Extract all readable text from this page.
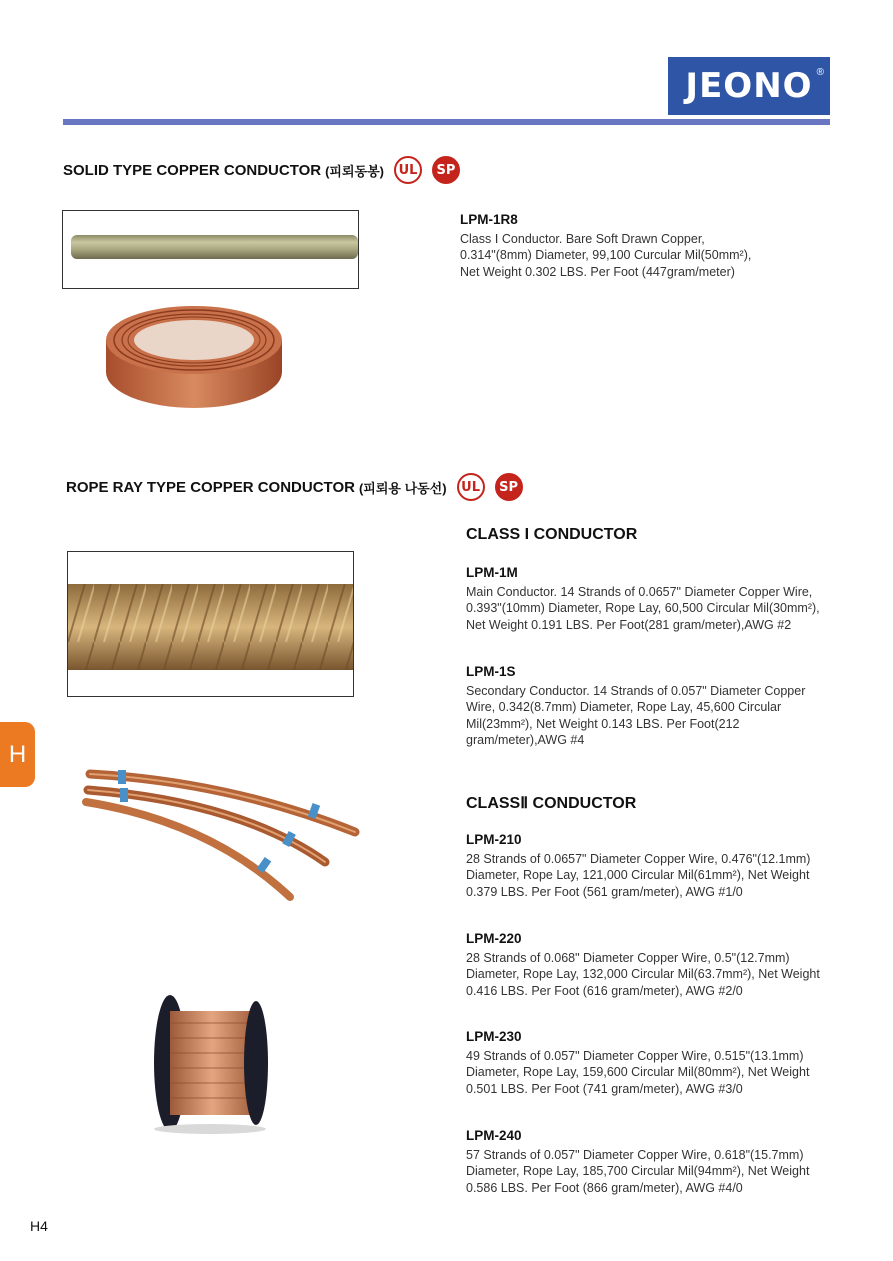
JEONO ®
SOLID TYPE COPPER CONDUCTOR (피뢰동봉)	UL	SP
LPM-1R8
Class Ⅰ Conductor. Bare Soft Drawn Copper,
0.314"(8mm) Diameter, 99,100 Curcular Mil(50mm²),
Net Weight 0.302 LBS. Per Foot (447gram/meter)
ROPE RAY TYPE COPPER CONDUCTOR (피뢰용 나동선)	UL	SP
CLASS I CONDUCTOR
LPM-1M
Main Conductor. 14 Strands of 0.0657" Diameter Copper Wire,
0.393"(10mm) Diameter, Rope Lay, 60,500 Circular Mil(30mm²),
Net Weight 0.191 LBS. Per Foot(281 gram/meter),AWG #2
LPM-1S
Secondary Conductor. 14 Strands of 0.057" Diameter Copper
Wire, 0.342(8.7mm) Diameter, Rope Lay, 45,600 Circular
Mil(23mm²), Net Weight 0.143 LBS. Per Foot(212
gram/meter),AWG #4
CLASSⅡ CONDUCTOR
LPM-210
28 Strands of 0.0657" Diameter Copper Wire, 0.476"(12.1mm)
Diameter, Rope Lay, 121,000 Circular Mil(61mm²), Net Weight
0.379 LBS. Per Foot (561 gram/meter), AWG #1/0
LPM-220
28 Strands of 0.068" Diameter Copper Wire, 0.5"(12.7mm)
Diameter, Rope Lay, 132,000 Circular Mil(63.7mm²), Net Weight
0.416 LBS. Per Foot (616 gram/meter), AWG #2/0
LPM-230
49 Strands of 0.057" Diameter Copper Wire, 0.515"(13.1mm)
Diameter, Rope Lay, 159,600 Circular Mil(80mm²), Net Weight
0.501 LBS. Per Foot (741 gram/meter), AWG #3/0
LPM-240
57 Strands of 0.057" Diameter Copper Wire, 0.618"(15.7mm)
Diameter, Rope Lay, 185,700 Circular Mil(94mm²), Net Weight
0.586 LBS. Per Foot (866 gram/meter), AWG #4/0
H
H4
